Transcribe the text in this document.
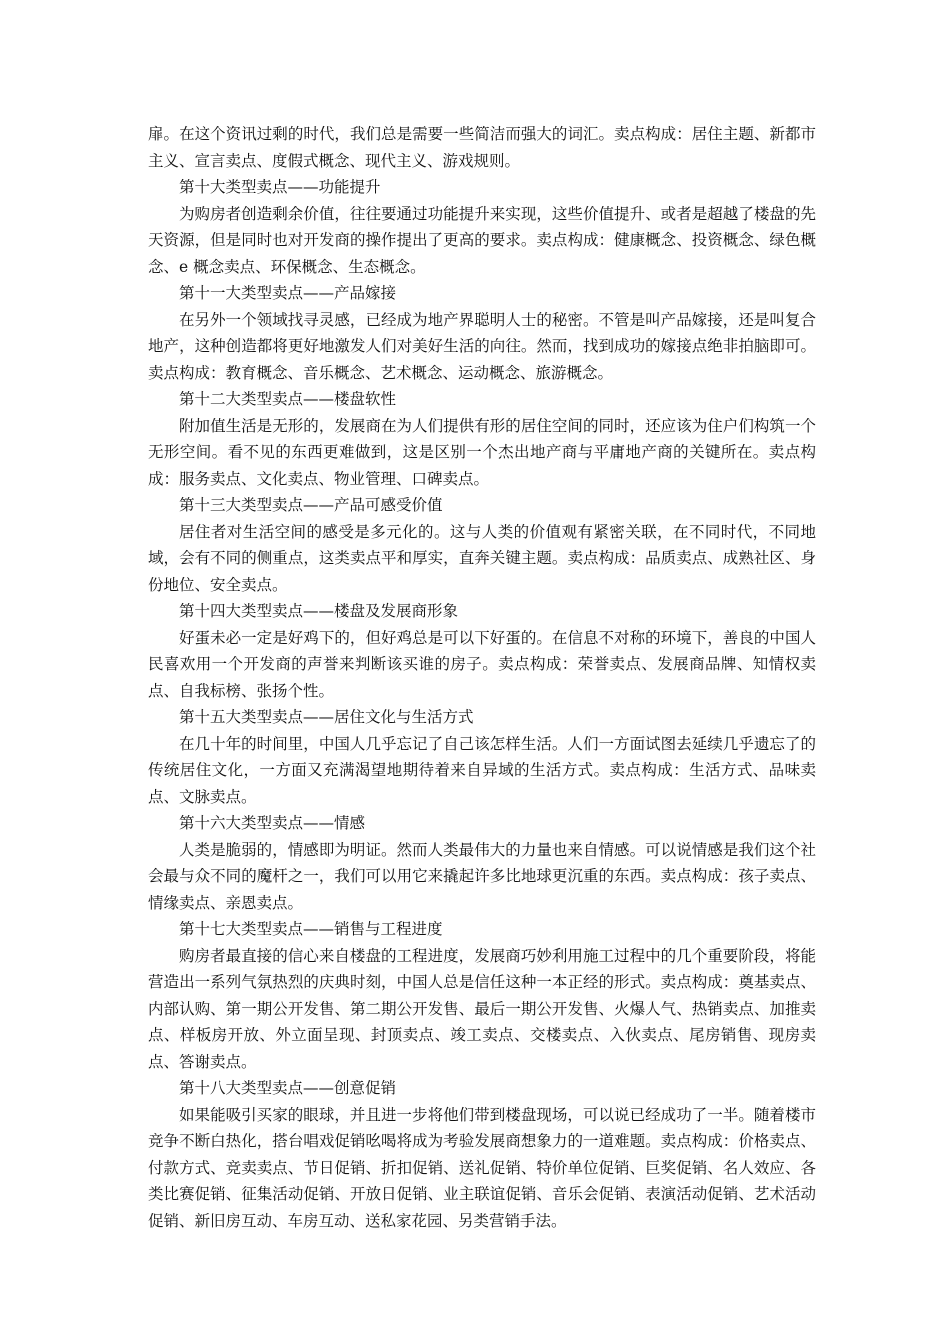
扉。在这个资讯过剩的时代，我们总是需要一些简洁而强大的词汇。卖点构成：居住主题、新都市主义、宣言卖点、度假式概念、现代主义、游戏规则。

第十大类型卖点——功能提升

为购房者创造剩余价值，往往要通过功能提升来实现，这些价值提升、或者是超越了楼盘的先天资源，但是同时也对开发商的操作提出了更高的要求。卖点构成：健康概念、投资概念、绿色概念、e 概念卖点、环保概念、生态概念。

第十一大类型卖点——产品嫁接

在另外一个领域找寻灵感，已经成为地产界聪明人士的秘密。不管是叫产品嫁接，还是叫复合地产，这种创造都将更好地激发人们对美好生活的向往。然而，找到成功的嫁接点绝非拍脑即可。卖点构成：教育概念、音乐概念、艺术概念、运动概念、旅游概念。

第十二大类型卖点——楼盘软性

附加值生活是无形的，发展商在为人们提供有形的居住空间的同时，还应该为住户们构筑一个无形空间。看不见的东西更难做到，这是区别一个杰出地产商与平庸地产商的关键所在。卖点构成：服务卖点、文化卖点、物业管理、口碑卖点。

第十三大类型卖点——产品可感受价值

居住者对生活空间的感受是多元化的。这与人类的价值观有紧密关联，在不同时代，不同地域，会有不同的侧重点，这类卖点平和厚实，直奔关键主题。卖点构成：品质卖点、成熟社区、身份地位、安全卖点。

第十四大类型卖点——楼盘及发展商形象

好蛋未必一定是好鸡下的，但好鸡总是可以下好蛋的。在信息不对称的环境下，善良的中国人民喜欢用一个开发商的声誉来判断该买谁的房子。卖点构成：荣誉卖点、发展商品牌、知情权卖点、自我标榜、张扬个性。

第十五大类型卖点——居住文化与生活方式

在几十年的时间里，中国人几乎忘记了自己该怎样生活。人们一方面试图去延续几乎遗忘了的传统居住文化，一方面又充满渴望地期待着来自异域的生活方式。卖点构成：生活方式、品味卖点、文脉卖点。

第十六大类型卖点——情感

人类是脆弱的，情感即为明证。然而人类最伟大的力量也来自情感。可以说情感是我们这个社会最与众不同的魔杆之一，我们可以用它来撬起许多比地球更沉重的东西。卖点构成：孩子卖点、情缘卖点、亲恩卖点。

第十七大类型卖点——销售与工程进度

购房者最直接的信心来自楼盘的工程进度，发展商巧妙利用施工过程中的几个重要阶段，将能营造出一系列气氛热烈的庆典时刻，中国人总是信任这种一本正经的形式。卖点构成：奠基卖点、内部认购、第一期公开发售、第二期公开发售、最后一期公开发售、火爆人气、热销卖点、加推卖点、样板房开放、外立面呈现、封顶卖点、竣工卖点、交楼卖点、入伙卖点、尾房销售、现房卖点、答谢卖点。

第十八大类型卖点——创意促销

如果能吸引买家的眼球，并且进一步将他们带到楼盘现场，可以说已经成功了一半。随着楼市竞争不断白热化，搭台唱戏促销吆喝将成为考验发展商想象力的一道难题。卖点构成：价格卖点、付款方式、竞卖卖点、节日促销、折扣促销、送礼促销、特价单位促销、巨奖促销、名人效应、各类比赛促销、征集活动促销、开放日促销、业主联谊促销、音乐会促销、表演活动促销、艺术活动促销、新旧房互动、车房互动、送私家花园、另类营销手法。
